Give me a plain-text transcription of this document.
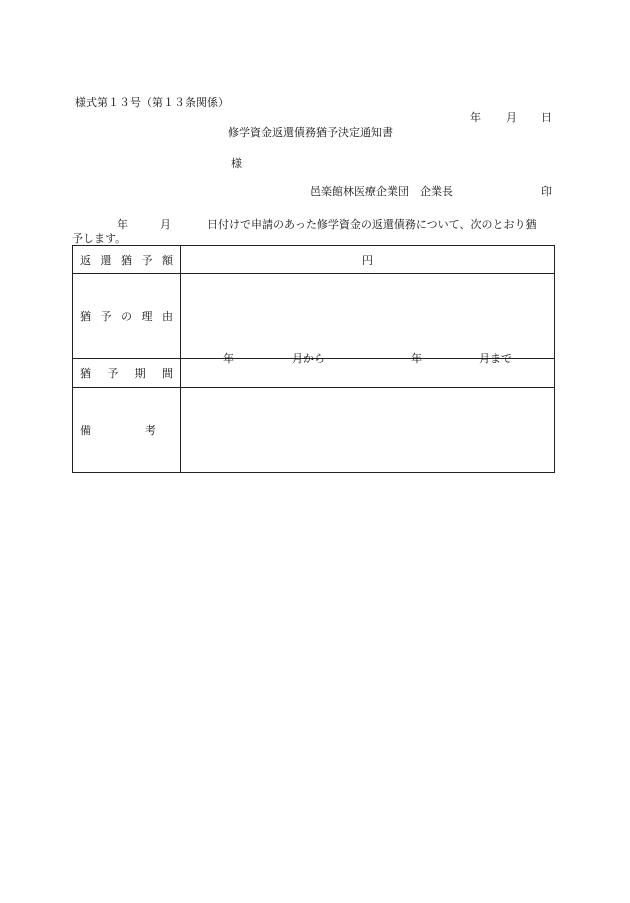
様式第１３号（第１３条関係）
年 月 日
修学資金返還債務猶予決定通知書
様
邑楽館林医療企業団　企業長	印
年	月	日付けで申請のあった修学資金の返還債務について、次のとおり猶
予します。
返 還 猶 予 額	円

猶 予 の 理 由	

猶 予 期 間	年 月から 年 月まで

備 考	
